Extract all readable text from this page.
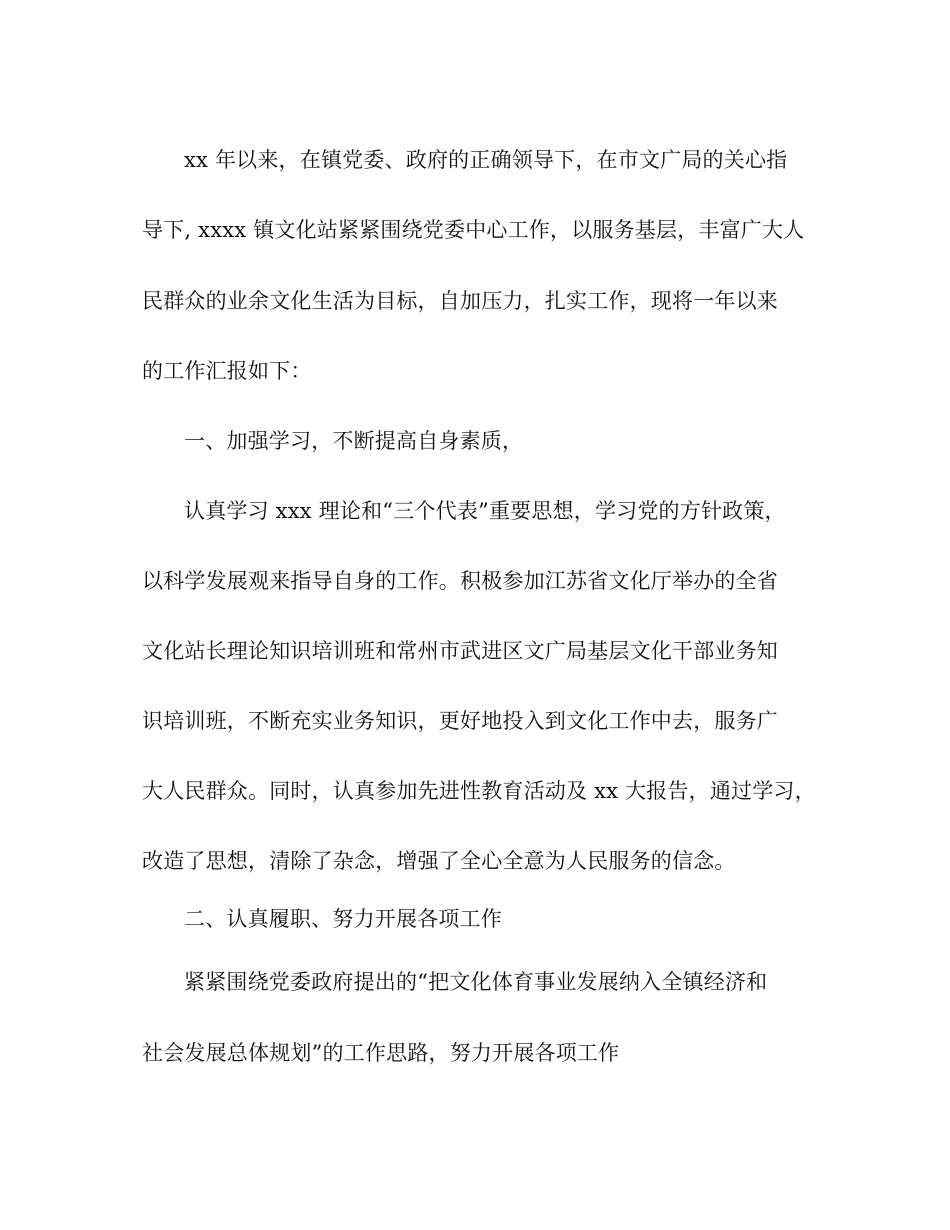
xx 年以来，在镇党委、政府的正确领导下，在市文广局的关心指
导下, xxxx 镇文化站紧紧围绕党委中心工作，以服务基层，丰富广大人
民群众的业余文化生活为目标，自加压力，扎实工作，现将一年以来
的工作汇报如下：
一、加强学习，不断提高自身素质，
认真学习 xxx 理论和“三个代表”重要思想，学习党的方针政策，
以科学发展观来指导自身的工作。积极参加江苏省文化厅举办的全省
文化站长理论知识培训班和常州市武进区文广局基层文化干部业务知
识培训班，不断充实业务知识，更好地投入到文化工作中去，服务广
大人民群众。同时，认真参加先进性教育活动及 xx 大报告，通过学习，
改造了思想，清除了杂念，增强了全心全意为人民服务的信念。
二、认真履职、努力开展各项工作
紧紧围绕党委政府提出的“把文化体育事业发展纳入全镇经济和
社会发展总体规划”的工作思路，努力开展各项工作
